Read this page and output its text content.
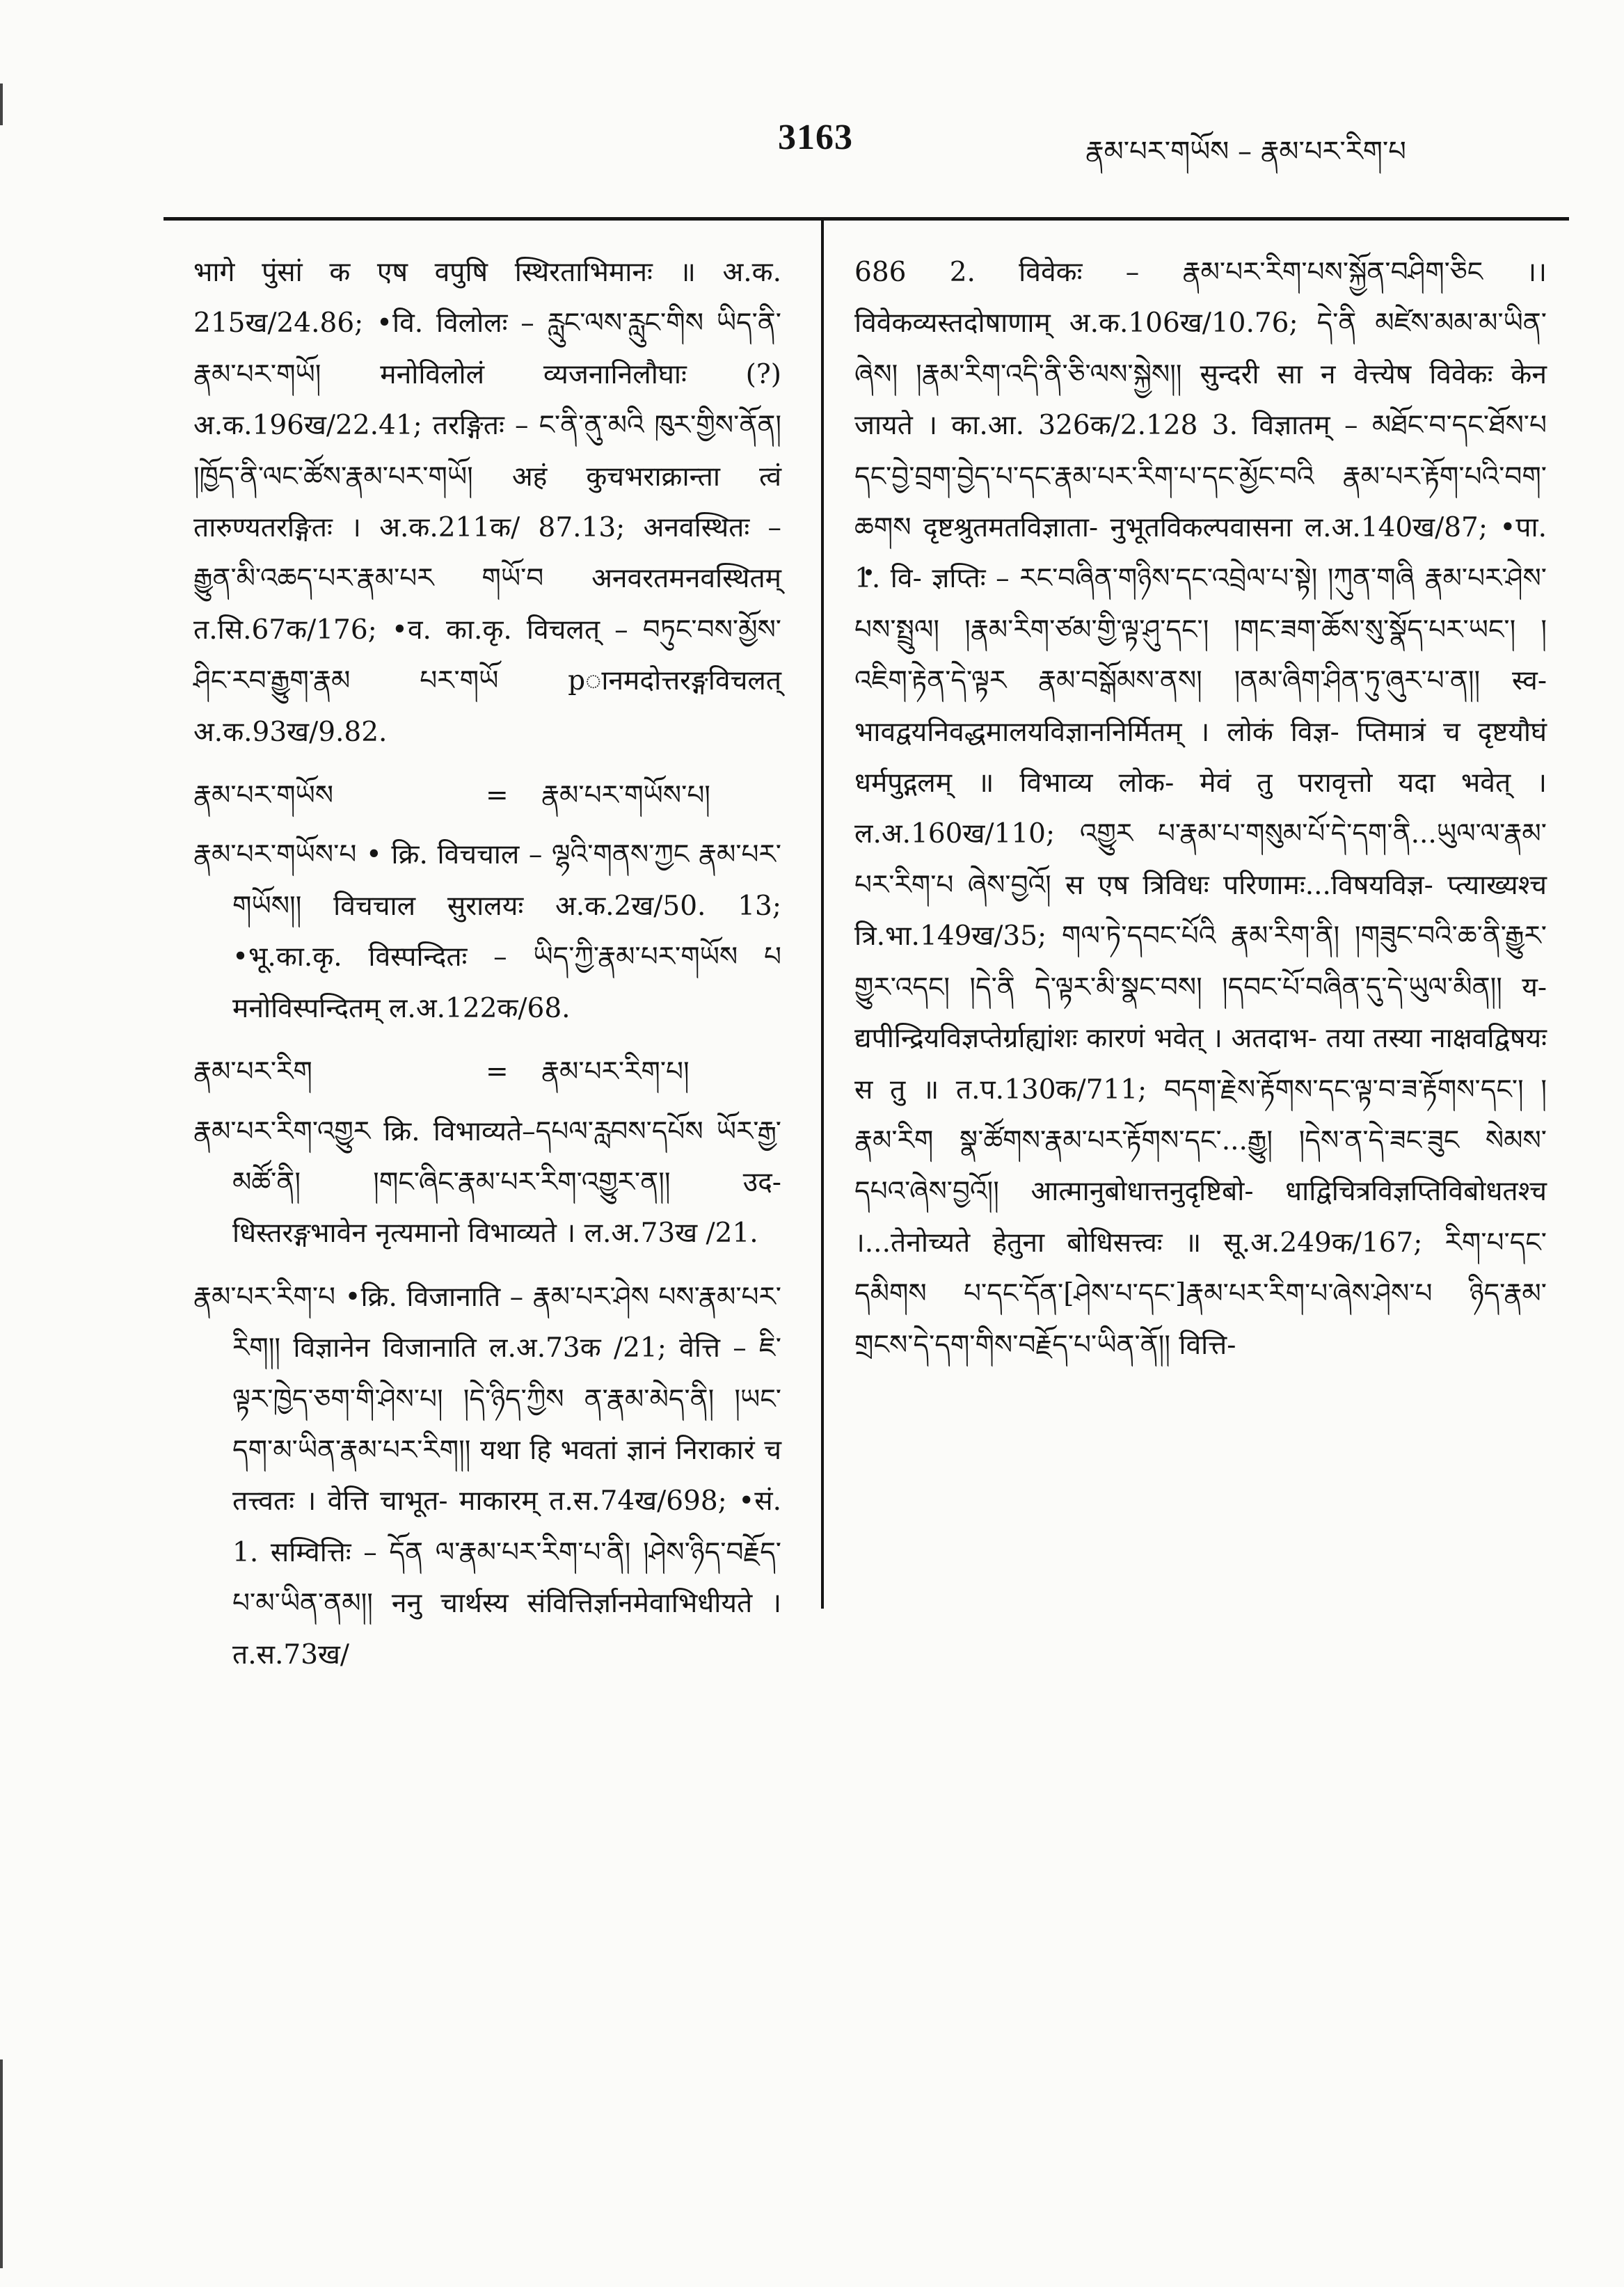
3163	རྣམ་པར་གཡོས – རྣམ་པར་རིག་པ

भागे पुंसां क एष वपुषि स्थिरताभिमानः ॥ अ.क. 215ख/24.86; •वि. विलोलः – རླུང་ལས་རླུང་གིས ཡིད་ནི་རྣམ་པར་གཡོ། मनोविलोलं व्यजनानिलौघाः (?) अ.क.196ख/22.41; तरङ्गितः – ང་ནི་ནུ་མའི ཁུར་གྱིས་ནོན། །ཁྱོད་ནི་ལང་ཚོས་རྣམ་པར་གཡོ། अहं कुचभराक्रान्ता त्वं तारुण्यतरङ्गितः । अ.क.211क/ 87.13; अनवस्थितः – རྒྱུན་མི་འཆད་པར་རྣམ་པར གཡོ་བ अनवरतमनवस्थितम् त.सि.67क/176; •व. का.कृ. विचलत् – བཏུང་བས་མྱོས་ཤིང་རབ་རྒྱུག་རྣམ པར་གཡོ pानमदोत्तरङ्गविचलत् अ.क.93ख/9.82.

རྣམ་པར་གཡོས	= རྣམ་པར་གཡོས་པ།

རྣམ་པར་གཡོས་པ • क्रि. विचचाल – ལྷའི་གནས་ཀྱང རྣམ་པར་གཡོས།། विचचाल सुरालयः अ.क.2ख/50. 13; •भू.का.कृ. विस्पन्दितः – ཡིད་ཀྱི་རྣམ་པར་གཡོས པ मनोविस्पन्दितम् ल.अ.122क/68.

རྣམ་པར་རིག	= རྣམ་པར་རིག་པ།

རྣམ་པར་རིག་འགྱུར क्रि. विभाव्यते–དཔལ་རླབས་དཔོས ཡོར་རྒྱ་མཚོ་ནི། །གང་ཞིང་རྣམ་པར་རིག་འགྱུར་ན།། उद- धिस्तरङ्गभावेन नृत्यमानो विभाव्यते । ल.अ.73ख /21.

རྣམ་པར་རིག་པ •क्रि. विजानाति – རྣམ་པར་ཤེས པས་རྣམ་པར་རིག།། विज्ञानेन विजानाति ल.अ.73क /21; वेत्ति – ཇི་ལྟར་ཁྱེད་ཅག་གི་ཤེས་པ། །དེ་ཉིད་ཀྱིས ན་རྣམ་མེད་ནི། །ཡང་དག་མ་ཡིན་རྣམ་པར་རིག།། यथा हि भवतां ज्ञानं निराकारं च तत्त्वतः । वेत्ति चाभूत- माकारम् त.स.74ख/698; •सं. 1. सम्वित्तिः – དོན ལ་རྣམ་པར་རིག་པ་ནི། །ཤེས་ཉིད་བརྗོད་པ་མ་ཡིན་ནམ།། ननु चार्थस्य संवित्तिर्ज्ञानमेवाभिधीयते । त.स.73ख/

686 2. विवेकः – རྣམ་པར་རིག་པས་སྐྱོན་བཤིག་ཅིང ।। विवेकव्यस्तदोषाणाम् अ.क.106ख/10.76; དེ་ནི མཛེས་མམ་མ་ཡིན་ཞེས། །རྣམ་རིག་འདི་ནི་ཅི་ལས་སྐྱེས།། सुन्दरी सा न वेत्त्येष विवेकः केन जायते । का.आ. 326क/2.128 3. विज्ञातम् – མཐོང་བ་དང་ཐོས་པ དང་བྱེ་བྲག་བྱེད་པ་དང་རྣམ་པར་རིག་པ་དང་མྱོང་བའི རྣམ་པར་རྟོག་པའི་བག་ཆགས दृष्टश्रुतमतविज्ञाता- नुभूतविकल्पवासना ल.अ.140ख/87; •पा. 1. वि- ज्ञप्तिः – རང་བཞིན་གཉིས་དང་འབྲེལ་པ་སྟེ། །ཀུན་གཞི རྣམ་པར་ཤེས་པས་སྤྲུལ། །རྣམ་རིག་ཙམ་གྱི་ལྟ་ཤུ་དང་། །གང་ཟག་ཆོས་སུ་སྣོད་པར་ཡང་། །འཇིག་རྟེན་དེ་ལྟར རྣམ་བསྒོམས་ནས། །ནམ་ཞིག་ཤིན་ཏུ་ཞུར་པ་ན།། स्व- भावद्वयनिवद्धमालयविज्ञाननिर्मितम् । लोकं विज्ञ- प्तिमात्रं च दृष्टयौघं धर्मपुद्गलम् ॥ विभाव्य लोक- मेवं तु परावृत्तो यदा भवेत् । ल.अ.160ख/110; འགྱུར པ་རྣམ་པ་གསུམ་པོ་དེ་དག་ནི...ཡུལ་ལ་རྣམ་པར་རིག་པ ཞེས་བྱའོ། स एष त्रिविधः परिणामः...विषयविज्ञ- प्त्याख्यश्च त्रि.भा.149ख/35; གལ་ཏེ་དབང་པོའི རྣམ་རིག་ནི། །གཟུང་བའི་ཆ་ནི་རྒྱུར་གྱུར་འདང། །དེ་ནི དེ་ལྟར་མི་སྣང་བས། །དབང་པོ་བཞིན་དུ་དེ་ཡུལ་མིན།། य- द्यपीन्द्रियविज्ञप्तेर्ग्राह्यांशः कारणं भवेत् । अतदाभ- तया तस्या नाक्षवद्विषयः स तु ॥ त.प.130क/711; བདག་རྗེས་རྟོགས་དང་ལྟ་བ་ཟ་རྟོགས་དང་། །རྣམ་རིག སྣ་ཚོགས་རྣམ་པར་རྟོགས་དང་...རྒྱུ། །དེས་ན་དེ་ཟང་ཟུང སེམས་དཔའ་ཞེས་བྱའོ།། आत्मानुबोधात्तनुदृष्टिबो- धाद्विचित्रविज्ञप्तिविबोधतश्च ।...तेनोच्यते हेतुना बोधिसत्त्वः ॥ सू.अ.249क/167; རིག་པ་དང་དམིགས པ་དང་དོན་[ཤེས་པ་དང་]རྣམ་པར་རིག་པ་ཞེས་ཤེས་པ ཉིད་རྣམ་གྲངས་དེ་དག་གིས་བརྗོད་པ་ཡིན་ནོ།། वित्ति-
